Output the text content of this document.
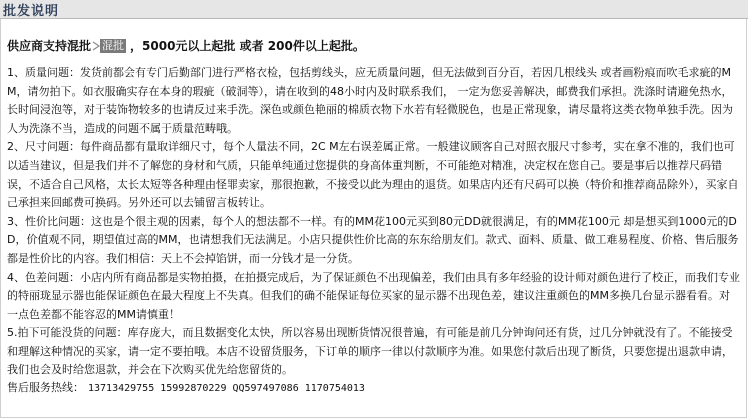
批发说明
供应商支持混批 混批 ，5000元以上起批 或者 200件以上起批。

1、质量问题：发货前都会有专门后勤部门进行严格衣检，包括剪线头，应无质量问题，但无法做到百分百，若因几根线头 或者画粉痕而吹毛求疵的MM，请勿拍下。如衣服确实存在本身的瑕疵（破洞等），请在收到的48小时内及时联系我们， 一定为您妥善解决，邮费我们承担。洗涤时请避免热水，长时间浸泡等，对于装饰物较多的也请反过来手洗。深色或颜色艳丽的棉质衣物下水若有轻微脱色，也是正常现象，请尽量将这类衣物单独手洗。因为人为洗涤不当，造成的问题不属于质量范畴哦。

2、尺寸问题：每件商品都有量取详细尺寸，每个人量法不同，2C M左右误差属正常。一般建议顾客自己对照衣服尺寸参考，实在拿不准的，我们也可以适当建议，但是我们并不了解您的身材和气质，只能单纯通过您提供的身高体重判断，不可能绝对精准，决定权在您自己。要是事后以推荐尺码错误，不适合自己风格，太长太短等各种理由怪罪卖家，那很抱歉，不接受以此为理由的退货。如果店内还有尺码可以换（特价和推荐商品除外），买家自己承担来回邮费可换码。另外还可以去铺留言板转让。

3、性价比问题：这也是个很主观的因素，每个人的想法都不一样。有的MM花100元买到80元DD就很满足，有的MM花100元 却是想买到1000元的DD，价值观不同，期望值过高的MM，也请想我们无法满足。小店只提供性价比高的东东给朋友们。款式、面料、质量、做工难易程度、价格、售后服务都是性价比的内容。我们相信：天上不会掉馅饼，而一分钱才是一分货。

4、色差问题：小店内所有商品都是实物拍摄，在拍摄完成后，为了保证颜色不出现偏差，我们由具有多年经验的设计师对颜色进行了校正，而我们专业的特丽珑显示器也能保证颜色在最大程度上不失真。但我们的确不能保证每位买家的显示器不出现色差，建议注重颜色的MM多换几台显示器看看。对一点色差都不能容忍的MM请慎重！

5.拍下可能没货的问题：库存庞大，而且数据变化太快，所以容易出现断货情况很普遍，有可能是前几分钟询问还有货，过几分钟就没有了。不能接受和理解这种情况的买家，请一定不要拍哦。本店不设留货服务，下订单的顺序一律以付款顺序为准。如果您付款后出现了断货，只要您提出退款申请，我们也会及时给您退款，并会在下次购买优先给您留货的。

售后服务热线： 13713429755 15992870229 QQ597497086 1170754013
